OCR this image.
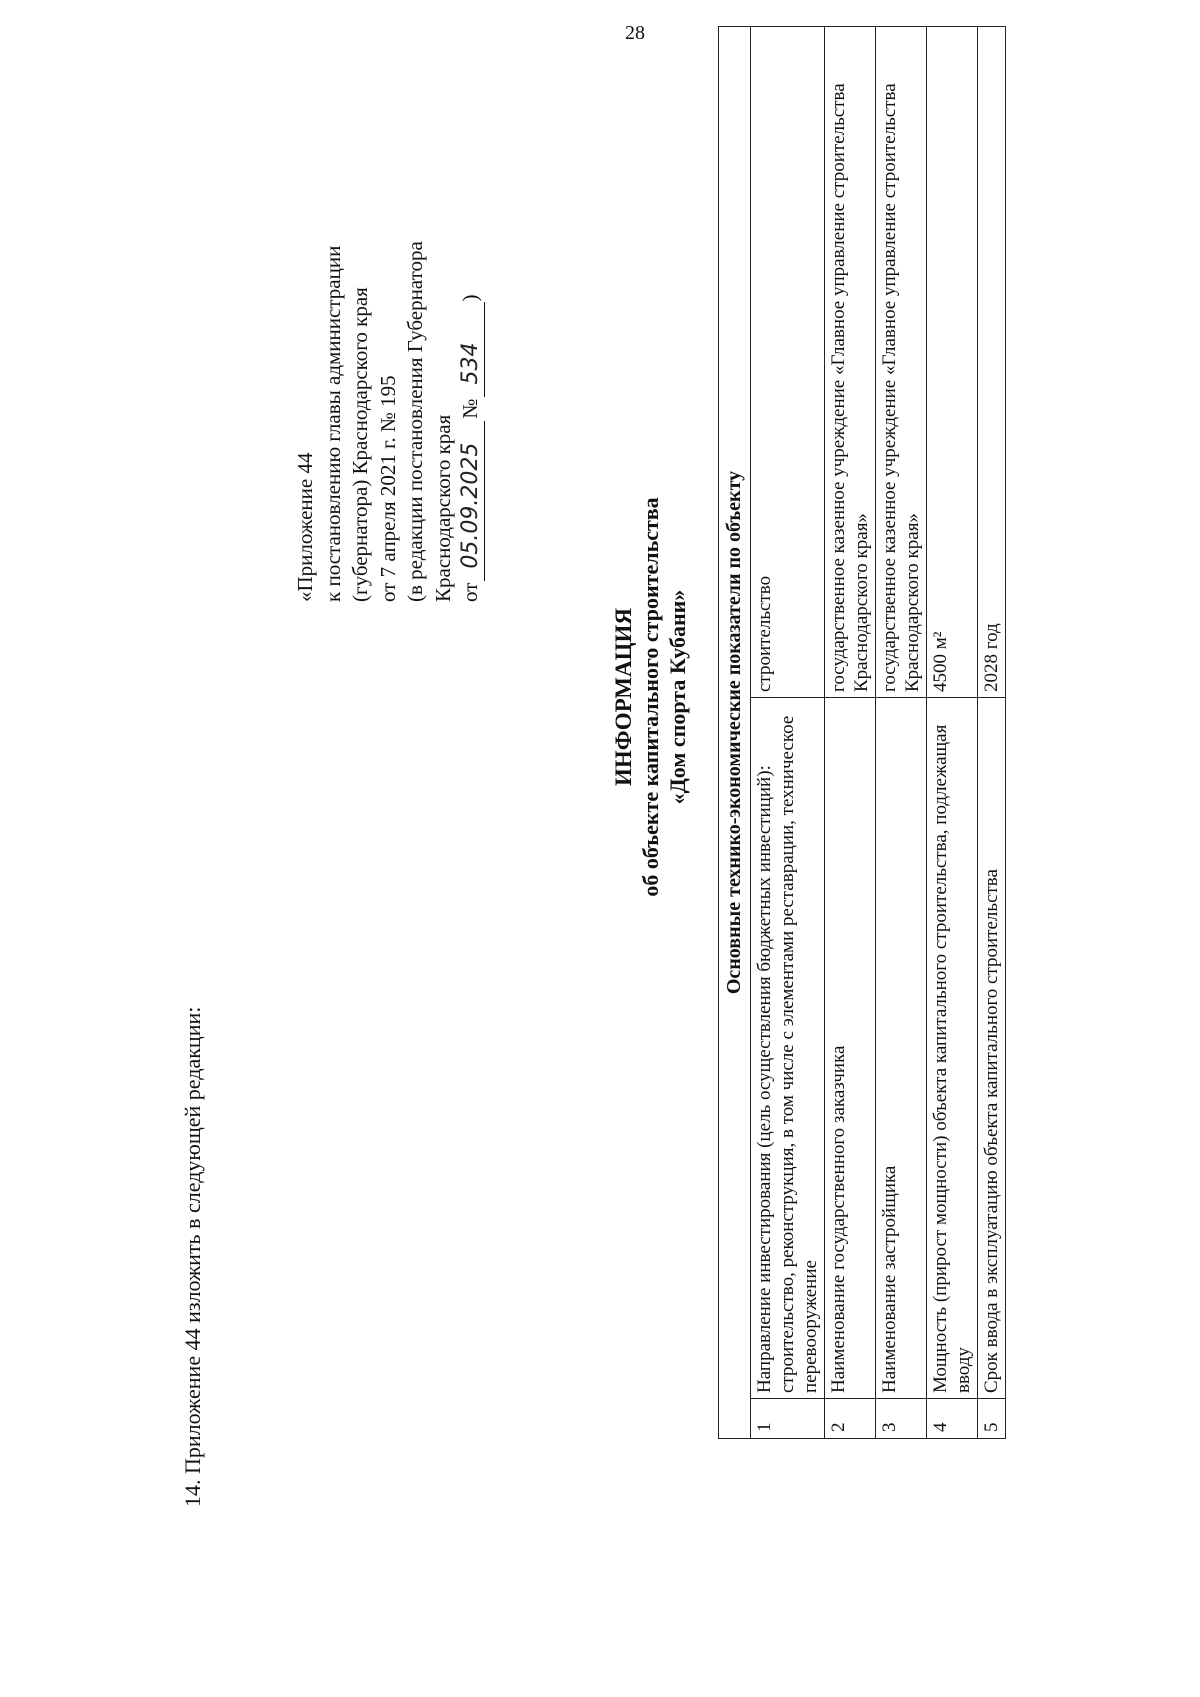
28
14. Приложение 44 изложить в следующей редакции:
«Приложение 44 к постановлению главы администрации (губернатора) Краснодарского края от 7 апреля 2021 г. № 195 (в редакции постановления Губернатора Краснодарского края от
05.09.2025
№
534
)
ИНФОРМАЦИЯ об объекте капитального строительства «Дом спорта Кубани» Основные технико-экономические показатели по объекту		
1	Направление инвестирования (цель осуществления бюджетных инвестиций): строительство, реконструкция, в том числе с элементами реставрации, техническое перевооружение	строительство
2	Наименование государственного заказчика	государственное казенное учреждение «Главное управление строительства Краснодарского края»
3	Наименование застройщика	государственное казенное учреждение «Главное управление строительства Краснодарского края»
4	Мощность (прирост мощности) объекта капитального строительства, подлежащая вводу	4500 м²
5	Срок ввода в эксплуатацию объекта капитального строительства	2028 год
